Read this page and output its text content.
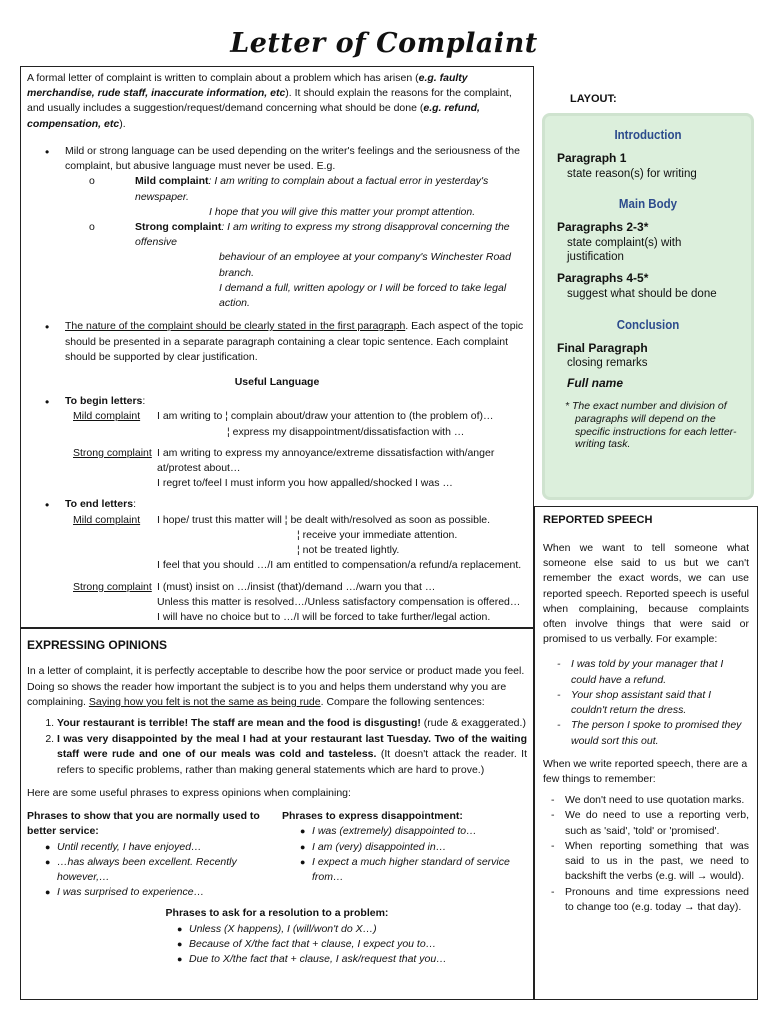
Letter of Complaint

A formal letter of complaint is written to complain about a problem which has arisen (e.g. faulty merchandise, rude staff, inaccurate information, etc). It should explain the reasons for the complaint, and usually includes a suggestion/request/demand concerning what should be done (e.g. refund, compensation, etc).

• Mild or strong language can be used depending on the writer's feelings and the seriousness of the complaint, but abusive language must never be used. E.g.
o	Mild complaint: I am writing to complain about a factual error in yesterday's newspaper.
I hope that you will give this matter your prompt attention.
o	Strong complaint: I am writing to express my strong disapproval concerning the offensive
behaviour of an employee at your company's Winchester Road branch.
I demand a full, written apology or I will be forced to take legal action.
• The nature of the complaint should be clearly stated in the first paragraph. Each aspect of the topic should be presented in a separate paragraph containing a clear topic sentence. Each complaint should be supported by clear justification.
Useful Language
• To begin letters:
Mild complaint	I am writing to ¦ complain about/draw your attention to (the problem of)…
¦ express my disappointment/dissatisfaction with …
Strong complaint I am writing to express my annoyance/extreme dissatisfaction with/anger at/protest about…
I regret to/feel I must inform you how appalled/shocked I was …
• To end letters:
Mild complaint	I hope/ trust this matter will ¦ be dealt with/resolved as soon as possible.
¦ receive your immediate attention.
¦ not be treated lightly.
I feel that you should …/I am entitled to compensation/a refund/a replacement.
Strong complaint I (must) insist on …/insist (that)/demand …/warn you that …
Unless this matter is resolved…/Unless satisfactory compensation is offered…
I will have no choice but to …/I will be forced to take further/legal action.
LAYOUT:
Introduction
Paragraph 1
state reason(s) for writing
Main Body
Paragraphs 2-3*
state complaint(s) with justification
Paragraphs 4-5*
suggest what should be done
Conclusion
Final Paragraph
closing remarks
Full name
* The exact number and division of paragraphs will depend on the specific instructions for each letter-writing task.
EXPRESSING OPINIONS

In a letter of complaint, it is perfectly acceptable to describe how the poor service or product made you feel. Doing so shows the reader how important the subject is to you and helps them understand why you are complaining. Saying how you felt is not the same as being rude. Compare the following sentences:

1. Your restaurant is terrible! The staff are mean and the food is disgusting! (rude & exaggerated.)
2. I was very disappointed by the meal I had at your restaurant last Tuesday. Two of the waiting staff were rude and one of our meals was cold and tasteless. (It doesn't attack the reader. It refers to specific problems, rather than making general statements which are hard to prove.)

Here are some useful phrases to express opinions when complaining:

Phrases to show that you are normally used to better service:
● Until recently, I have enjoyed…
● …has always been excellent. Recently however,…
● I was surprised to experience…
Phrases to express disappointment:
● I was (extremely) disappointed to…
● I am (very) disappointed in…
● I expect a much higher standard of service from…
Phrases to ask for a resolution to a problem:
● Unless (X happens), I (will/won't do X…)
● Because of X/the fact that + clause, I expect you to…
● Due to X/the fact that + clause, I ask/request that you…
REPORTED SPEECH

When we want to tell someone what someone else said to us but we can't remember the exact words, we can use reported speech. Reported speech is useful when complaining, because complaints often involve things that were said or promised to us verbally. For example:

- I was told by your manager that I could have a refund.
- Your shop assistant said that I couldn't return the dress.
- The person I spoke to promised they would sort this out.

When we write reported speech, there are a few things to remember:

- We don't need to use quotation marks.
- We do need to use a reporting verb, such as 'said', 'told' or 'promised'.
- When reporting something that was said to us in the past, we need to backshift the verbs (e.g. will → would).
- Pronouns and time expressions need to change too (e.g. today → that day).
